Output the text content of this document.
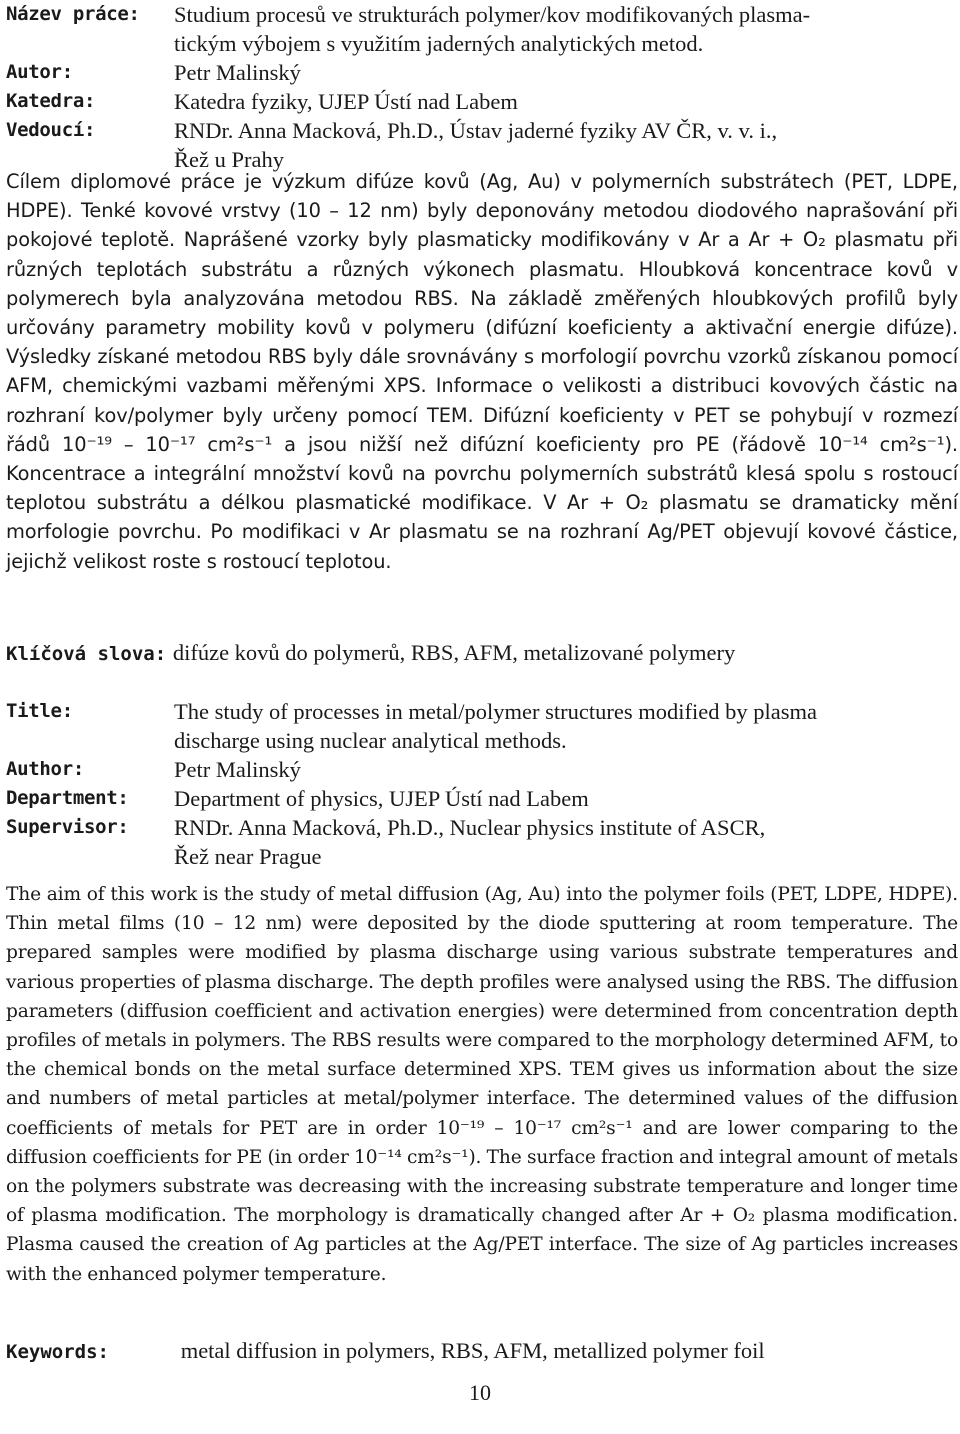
Název práce:	Studium procesů ve strukturách polymer/kov modifikovaných plasma-
tickým výbojem s využitím jaderných analytických metod.
Autor:	Petr Malinský
Katedra:	Katedra fyziky, UJEP Ústí nad Labem
Vedoucí:	RNDr. Anna Macková, Ph.D., Ústav jaderné fyziky AV ČR, v. v. i.,
Řež u Prahy

Cílem diplomové práce je výzkum difúze kovů (Ag, Au) v polymerních substrátech (PET, LDPE, HDPE). Tenké kovové vrstvy (10 – 12 nm) byly deponovány metodou diodového naprašování při pokojové teplotě. Naprášené vzorky byly plasmaticky modifikovány v Ar a Ar + O₂ plasmatu při různých teplotách substrátu a různých výkonech plasmatu. Hloubková koncentrace kovů v polymerech byla analyzována metodou RBS. Na základě změřených hloubkových profilů byly určovány parametry mobility kovů v polymeru (difúzní koeficienty a aktivační energie difúze). Výsledky získané metodou RBS byly dále srovnávány s morfologií povrchu vzorků získanou pomocí AFM, chemickými vazbami měřenými XPS. Informace o velikosti a distribuci kovových částic na rozhraní kov/polymer byly určeny pomocí TEM. Difúzní koeficienty v PET se pohybují v rozmezí řádů 10⁻¹⁹ – 10⁻¹⁷ cm²s⁻¹ a jsou nižší než difúzní koeficienty pro PE (řádově 10⁻¹⁴ cm²s⁻¹). Koncentrace a integrální množství kovů na povrchu polymerních substrátů klesá spolu s rostoucí teplotou substrátu a délkou plasmatické modifikace. V Ar + O₂ plasmatu se dramaticky mění morfologie povrchu. Po modifikaci v Ar plasmatu se na rozhraní Ag/PET objevují kovové částice, jejichž velikost roste s rostoucí teplotou.

Klíčová slova: difúze kovů do polymerů, RBS, AFM, metalizované polymery
Title:	The study of processes in metal/polymer structures modified by plasma
discharge using nuclear analytical methods.
Author:	Petr Malinský
Department:	Department of physics, UJEP Ústí nad Labem
Supervisor:	RNDr. Anna Macková, Ph.D., Nuclear physics institute of ASCR,
Řež near Prague

The aim of this work is the study of metal diffusion (Ag, Au) into the polymer foils (PET, LDPE, HDPE). Thin metal films (10 – 12 nm) were deposited by the diode sputtering at room temperature. The prepared samples were modified by plasma discharge using various substrate temperatures and various properties of plasma discharge. The depth profiles were analysed using the RBS. The diffusion parameters (diffusion coefficient and activation energies) were determined from concentration depth profiles of metals in polymers. The RBS results were compared to the morphology determined AFM, to the chemical bonds on the metal surface determined XPS. TEM gives us information about the size and numbers of metal particles at metal/polymer interface. The determined values of the diffusion coefficients of metals for PET are in order 10⁻¹⁹ – 10⁻¹⁷ cm²s⁻¹ and are lower comparing to the diffusion coefficients for PE (in order 10⁻¹⁴ cm²s⁻¹). The surface fraction and integral amount of metals on the polymers substrate was decreasing with the increasing substrate temperature and longer time of plasma modification. The morphology is dramatically changed after Ar + O₂ plasma modification. Plasma caused the creation of Ag particles at the Ag/PET interface. The size of Ag particles increases with the enhanced polymer temperature.

Keywords:	metal diffusion in polymers, RBS, AFM, metallized polymer foil
10
